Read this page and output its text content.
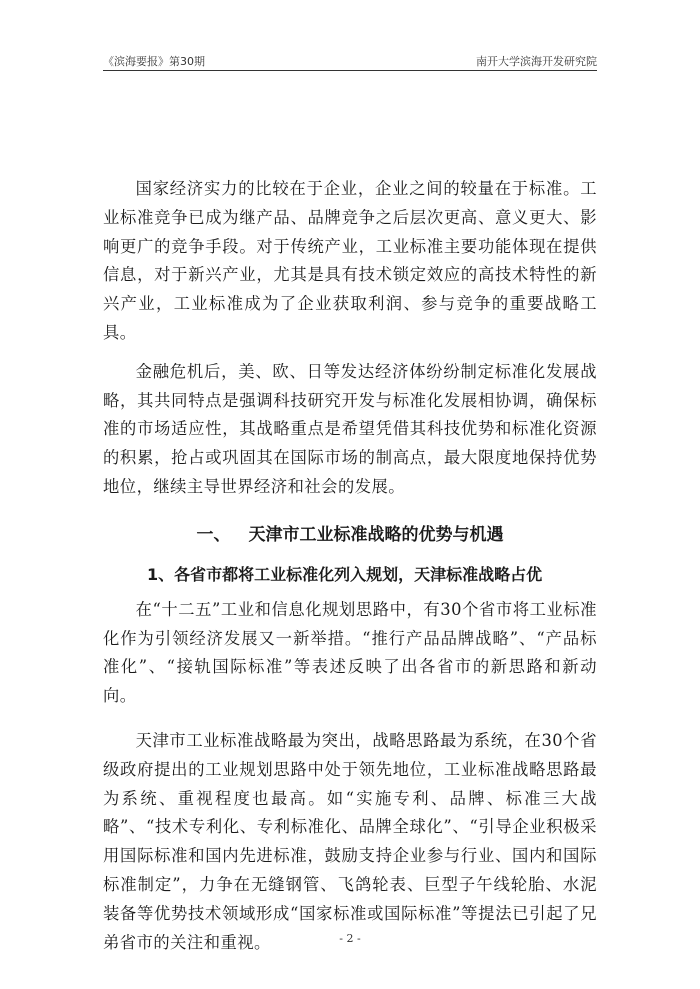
《滨海要报》第30期	南开大学滨海开发研究院

国家经济实力的比较在于企业，企业之间的较量在于标准。工业标准竞争已成为继产品、品牌竞争之后层次更高、意义更大、影响更广的竞争手段。对于传统产业，工业标准主要功能体现在提供信息，对于新兴产业，尤其是具有技术锁定效应的高技术特性的新兴产业，工业标准成为了企业获取利润、参与竞争的重要战略工具。

金融危机后，美、欧、日等发达经济体纷纷制定标准化发展战略，其共同特点是强调科技研究开发与标准化发展相协调，确保标准的市场适应性，其战略重点是希望凭借其科技优势和标准化资源的积累，抢占或巩固其在国际市场的制高点，最大限度地保持优势地位，继续主导世界经济和社会的发展。

一、 天津市工业标准战略的优势与机遇
1、各省市都将工业标准化列入规划，天津标准战略占优

在“十二五”工业和信息化规划思路中，有30个省市将工业标准化作为引领经济发展又一新举措。“推行产品品牌战略”、“产品标准化”、“接轨国际标准”等表述反映了出各省市的新思路和新动向。

天津市工业标准战略最为突出，战略思路最为系统，在30个省级政府提出的工业规划思路中处于领先地位，工业标准战略思路最为系统、重视程度也最高。如“实施专利、品牌、标准三大战略”、“技术专利化、专利标准化、品牌全球化”、“引导企业积极采用国际标准和国内先进标准，鼓励支持企业参与行业、国内和国际标准制定”，力争在无缝钢管、飞鸽轮表、巨型子午线轮胎、水泥装备等优势技术领域形成“国家标准或国际标准”等提法已引起了兄弟省市的关注和重视。	- 2 -
